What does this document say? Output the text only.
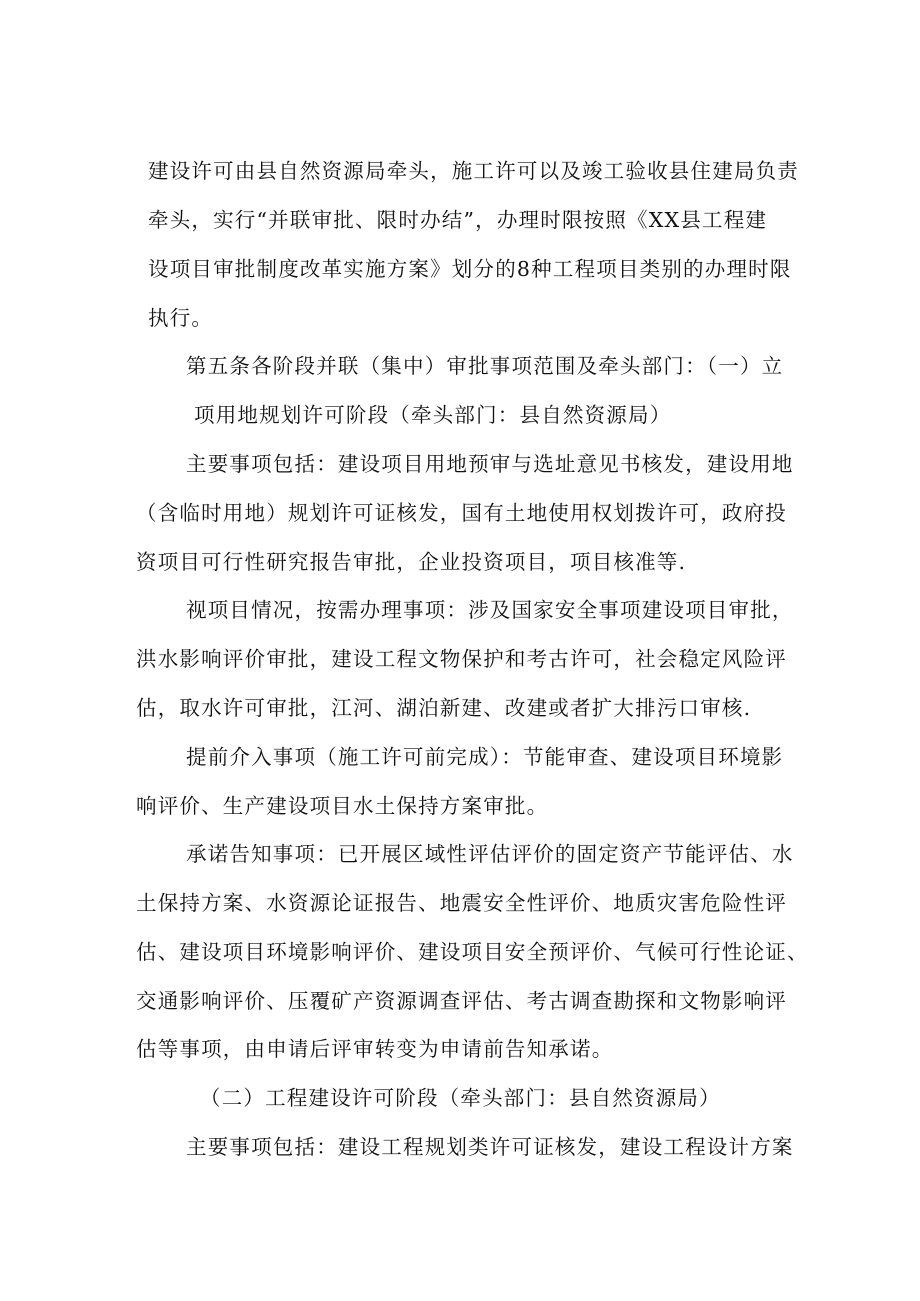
建设许可由县自然资源局牵头，施工许可以及竣工验收县住建局负责
牵头，实行“并联审批、限时办结”，办理时限按照《XX县工程建
设项目审批制度改革实施方案》划分的8种工程项目类别的办理时限
执行。
第五条各阶段并联（集中）审批事项范围及牵头部门：（一）立
项用地规划许可阶段（牵头部门：县自然资源局）
主要事项包括：建设项目用地预审与选址意见书核发，建设用地
（含临时用地）规划许可证核发，国有土地使用权划拨许可，政府投
资项目可行性研究报告审批，企业投资项目，项目核准等.
视项目情况，按需办理事项：涉及国家安全事项建设项目审批，
洪水影响评价审批，建设工程文物保护和考古许可，社会稳定风险评
估，取水许可审批，江河、湖泊新建、改建或者扩大排污口审核.
提前介入事项（施工许可前完成）：节能审查、建设项目环境影
响评价、生产建设项目水土保持方案审批。
承诺告知事项：已开展区域性评估评价的固定资产节能评估、水
土保持方案、水资源论证报告、地震安全性评价、地质灾害危险性评
估、建设项目环境影响评价、建设项目安全预评价、气候可行性论证、
交通影响评价、压覆矿产资源调查评估、考古调查勘探和文物影响评
估等事项，由申请后评审转变为申请前告知承诺。
（二）工程建设许可阶段（牵头部门：县自然资源局）
主要事项包括：建设工程规划类许可证核发，建设工程设计方案
